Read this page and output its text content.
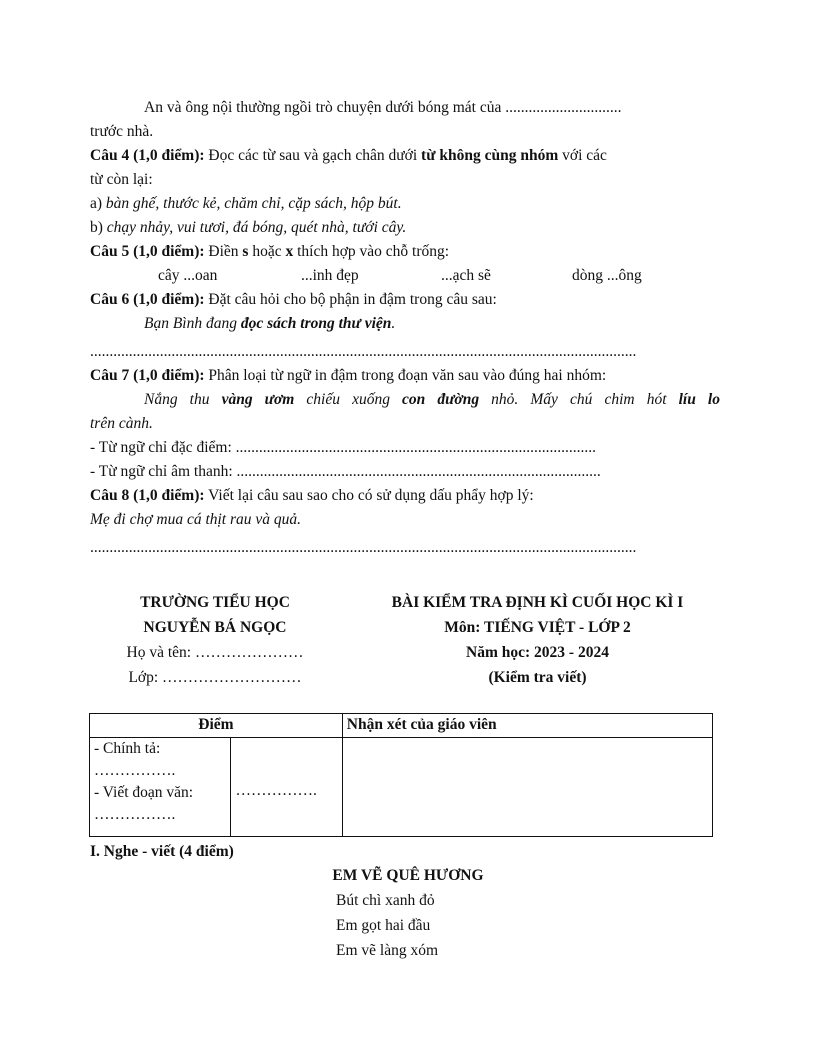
An và ông nội thường ngồi trò chuyện dưới bóng mát của ..............................
trước nhà.
Câu 4 (1,0 điểm): Đọc các từ sau và gạch chân dưới từ không cùng nhóm với các
từ còn lại:
a) bàn ghế, thước kẻ, chăm chỉ, cặp sách, hộp bút.
b) chạy nhảy, vui tươi, đá bóng, quét nhà, tưới cây.
Câu 5 (1,0 điểm): Điền s hoặc x thích hợp vào chỗ trống:
cây ...oan	...inh đẹp	...ạch sẽ	dòng ...ông
Câu 6 (1,0 điểm): Đặt câu hỏi cho bộ phận in đậm trong câu sau:
Bạn Bình đang đọc sách trong thư viện.
.............................................................................................................................................
Câu 7 (1,0 điểm): Phân loại từ ngữ in đậm trong đoạn văn sau vào đúng hai nhóm:
Nắng thu vàng ươm chiếu xuống con đường nhỏ. Mấy chú chim hót líu lo
trên cành.
- Từ ngữ chỉ đặc điểm: .............................................................................................
- Từ ngữ chỉ âm thanh: ..............................................................................................
Câu 8 (1,0 điểm): Viết lại câu sau sao cho có sử dụng dấu phẩy hợp lý:
Mẹ đi chợ mua cá thịt rau và quả.
.............................................................................................................................................
TRƯỜNG TIỂU HỌC
NGUYỄN BÁ NGỌC
Họ và tên: …………………
Lớp: ………………………
BÀI KIỂM TRA ĐỊNH KÌ CUỐI HỌC KÌ I
Môn: TIẾNG VIỆT - LỚP 2
Năm học: 2023 - 2024
(Kiểm tra viết)
Điểm		Nhận xét của giáo viên

- Chính tả:
…………….
- Viết đoạn văn:
…………….	…………….	

I. Nghe - viết (4 điểm)
EM VẼ QUÊ HƯƠNG
Bút chì xanh đỏ
Em gọt hai đầu
Em vẽ làng xóm
